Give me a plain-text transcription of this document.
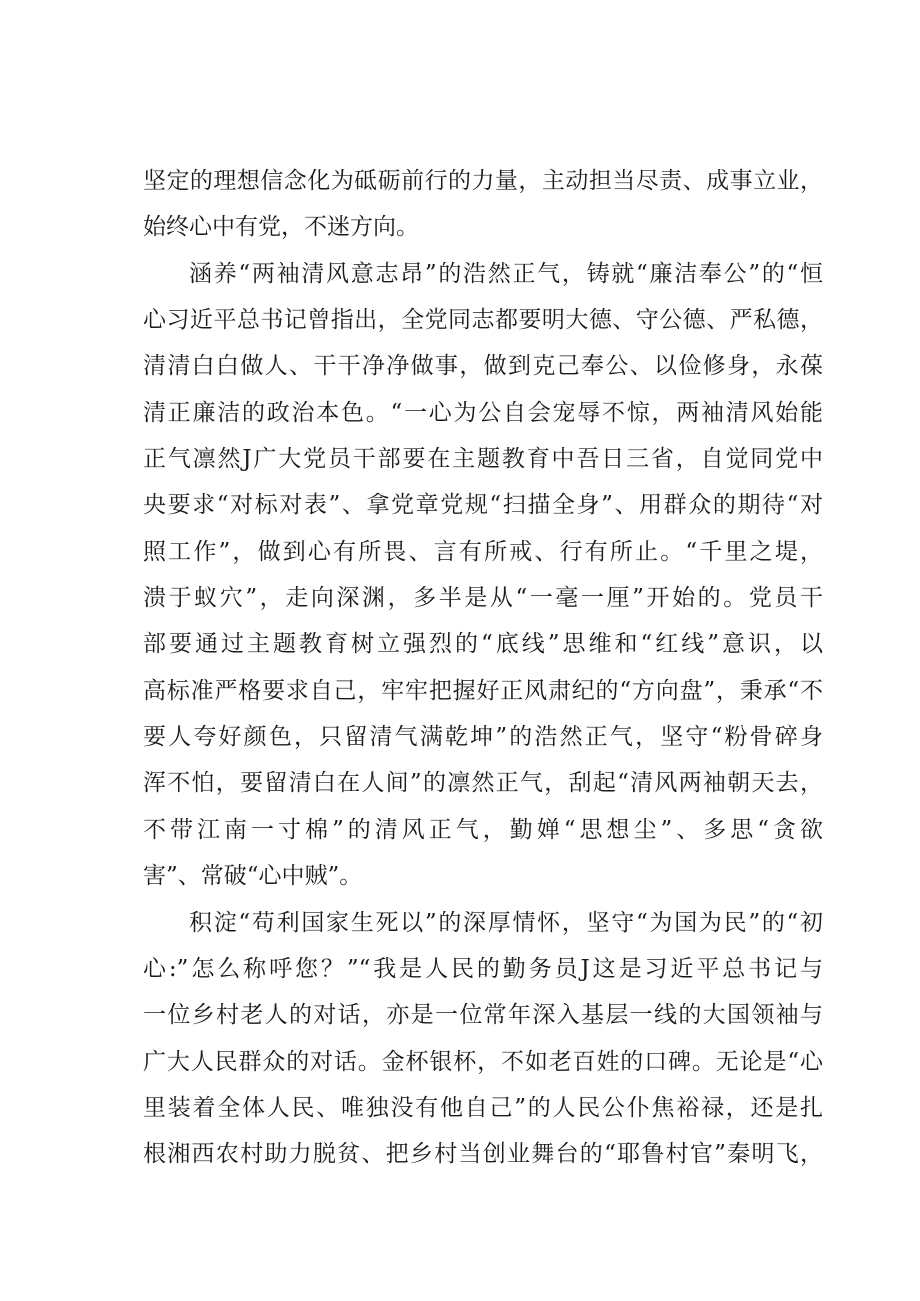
坚定的理想信念化为砥砺前行的力量，主动担当尽责、成事立业，
始终心中有党，不迷方向。
涵养“两袖清风意志昂”的浩然正气，铸就“廉洁奉公”的“恒
心习近平总书记曾指出，全党同志都要明大德、守公德、严私德，
清清白白做人、干干净净做事，做到克己奉公、以俭修身，永葆
清正廉洁的政治本色。“一心为公自会宠辱不惊，两袖清风始能
正气凛然J广大党员干部要在主题教育中吾日三省，自觉同党中
央要求“对标对表”、拿党章党规“扫描全身”、用群众的期待“对
照工作”，做到心有所畏、言有所戒、行有所止。“千里之堤，
溃于蚁穴”，走向深渊，多半是从“一毫一厘”开始的。党员干
部要通过主题教育树立强烈的“底线”思维和“红线”意识，以
高标准严格要求自己，牢牢把握好正风肃纪的“方向盘”，秉承“不
要人夸好颜色，只留清气满乾坤”的浩然正气，坚守“粉骨碎身
浑不怕，要留清白在人间”的凛然正气，刮起“清风两袖朝天去，
不带江南一寸棉”的清风正气，勤婵“思想尘”、多思“贪欲
害”、常破“心中贼”。
积淀“苟利国家生死以”的深厚情怀，坚守“为国为民”的“初
心:”怎么称呼您？”“我是人民的勤务员J这是习近平总书记与
一位乡村老人的对话，亦是一位常年深入基层一线的大国领袖与
广大人民群众的对话。金杯银杯，不如老百姓的口碑。无论是“心
里装着全体人民、唯独没有他自己”的人民公仆焦裕禄，还是扎
根湘西农村助力脱贫、把乡村当创业舞台的“耶鲁村官”秦明飞，
